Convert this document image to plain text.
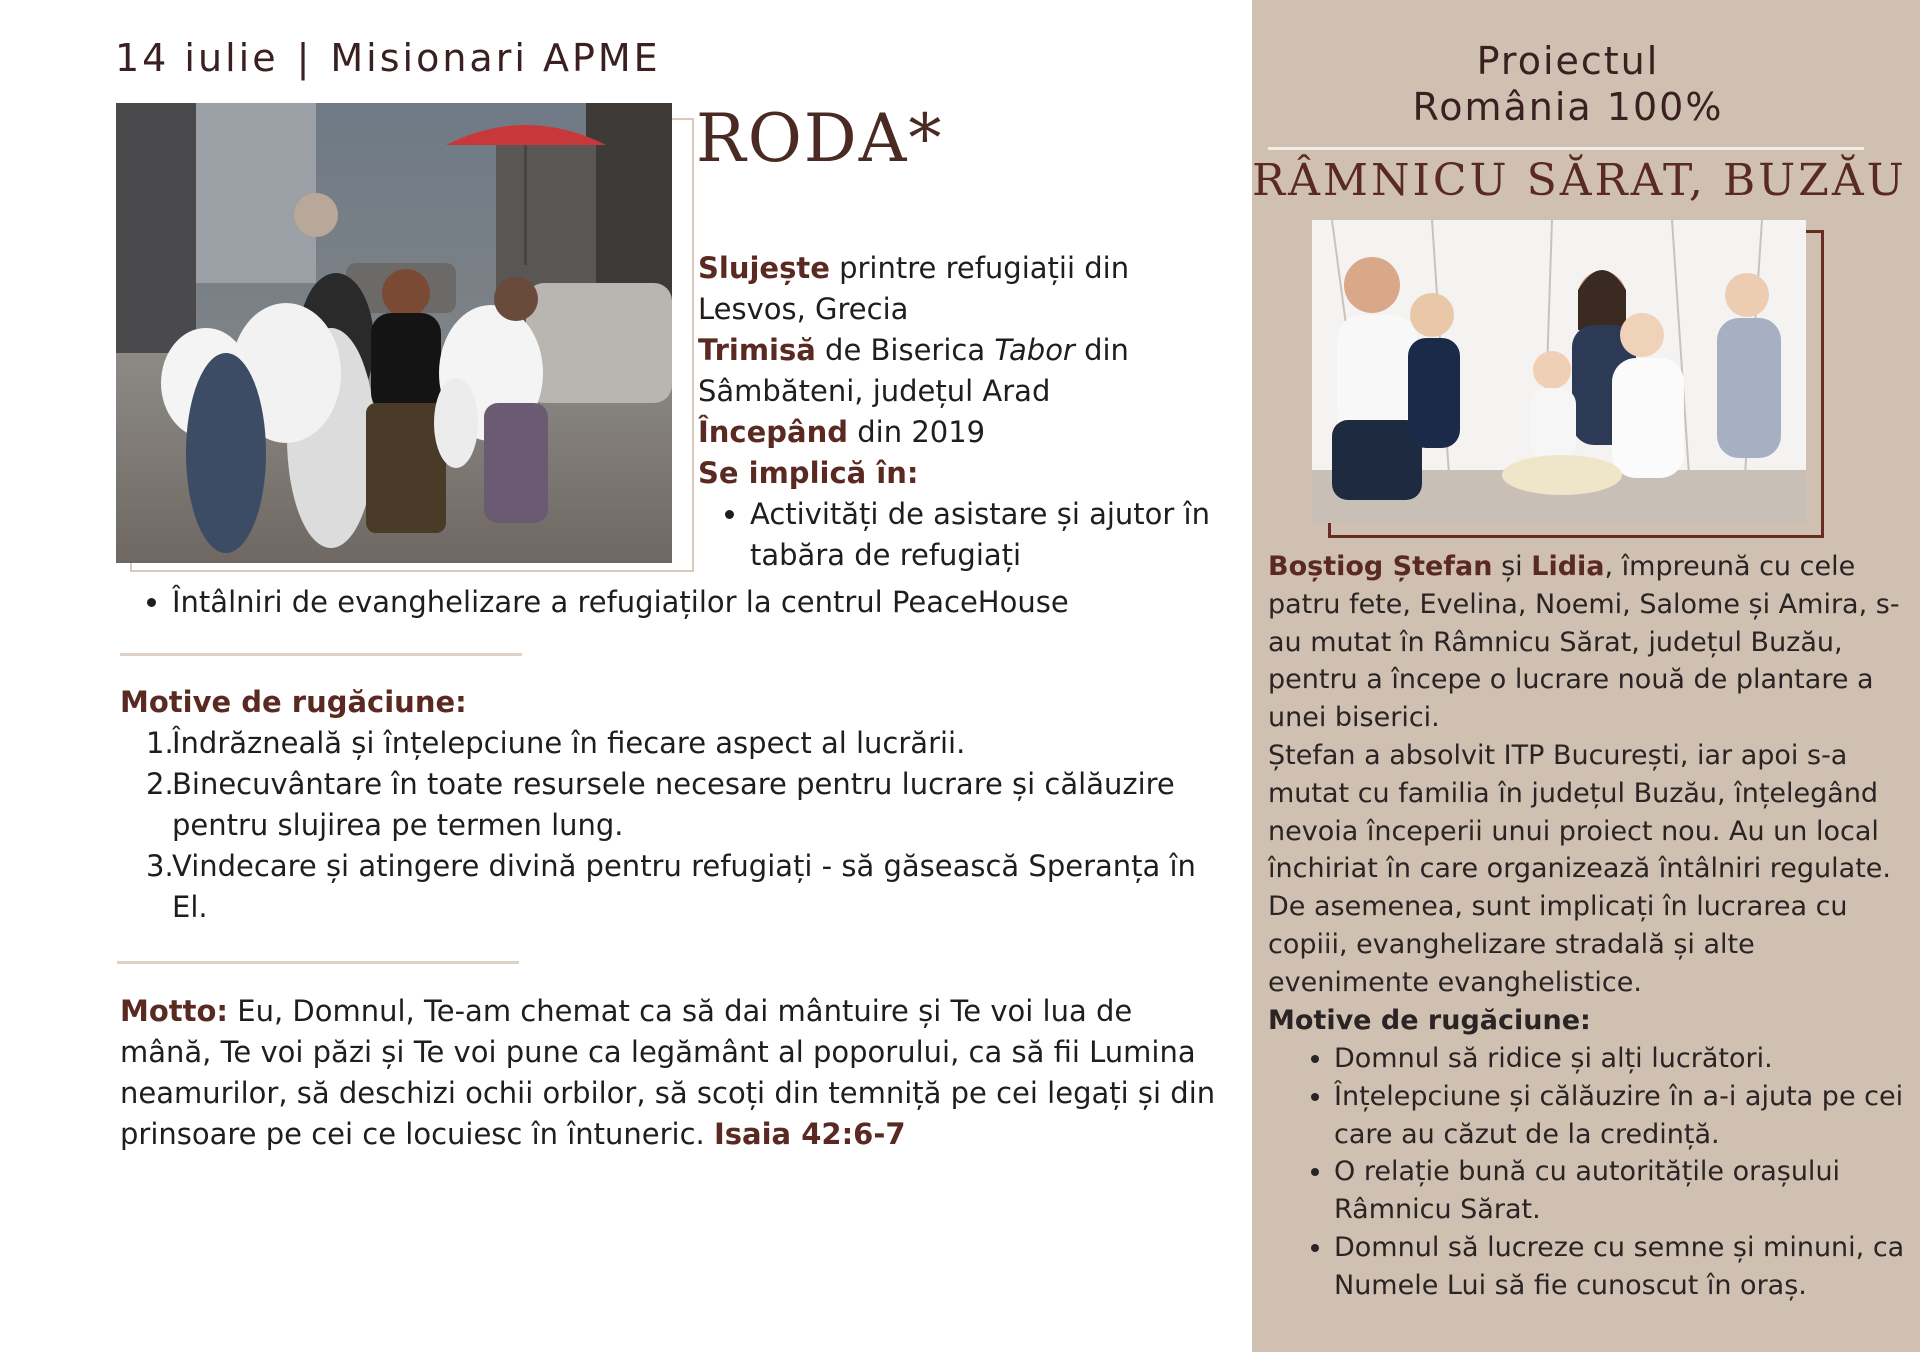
14 iulie | Misionari APME
RODA*
Slujește printre refugiații din
Lesvos, Grecia
Trimisă de Biserica Tabor din
Sâmbăteni, județul Arad
Începând din 2019
Se implică în:
• Activități de asistare și ajutor în tabăra de refugiați
• Întâlniri de evanghelizare a refugiaților la centrul PeaceHouse
Motive de rugăciune:
1.
Îndrăzneală și înțelepciune în fiecare aspect al lucrării.
2.
Binecuvântare în toate resursele necesare pentru lucrare și călăuzire pentru slujirea pe termen lung.
3.
Vindecare și atingere divină pentru refugiați - să găsească Speranța în El.
Motto: Eu, Domnul, Te-am chemat ca să dai mântuire și Te voi lua de mână, Te voi păzi și Te voi pune ca legământ al poporului, ca să fii Lumina neamurilor, să deschizi ochii orbilor, să scoți din temniță pe cei legați și din prinsoare pe cei ce locuiesc în întuneric. Isaia 42:6-7
Proiectul
România 100%
RÂMNICU SĂRAT, BUZĂU
Boștiog Ștefan și Lidia, împreună cu cele patru fete, Evelina, Noemi, Salome și Amira, s-au mutat în Râmnicu Sărat, județul Buzău, pentru a începe o lucrare nouă de plantare a unei biserici.
Ștefan a absolvit ITP București, iar apoi s-a mutat cu familia în județul Buzău, înțelegând nevoia începerii unui proiect nou. Au un local închiriat în care organizează întâlniri regulate. De asemenea, sunt implicați în lucrarea cu copiii, evanghelizare stradală și alte evenimente evanghelistice.
Motive de rugăciune:
• Domnul să ridice și alți lucrători.
• Înțelepciune și călăuzire în a-i ajuta pe cei care au căzut de la credință.
• O relație bună cu autoritățile orașului Râmnicu Sărat.
• Domnul să lucreze cu semne și minuni, ca Numele Lui să fie cunoscut în oraș.
